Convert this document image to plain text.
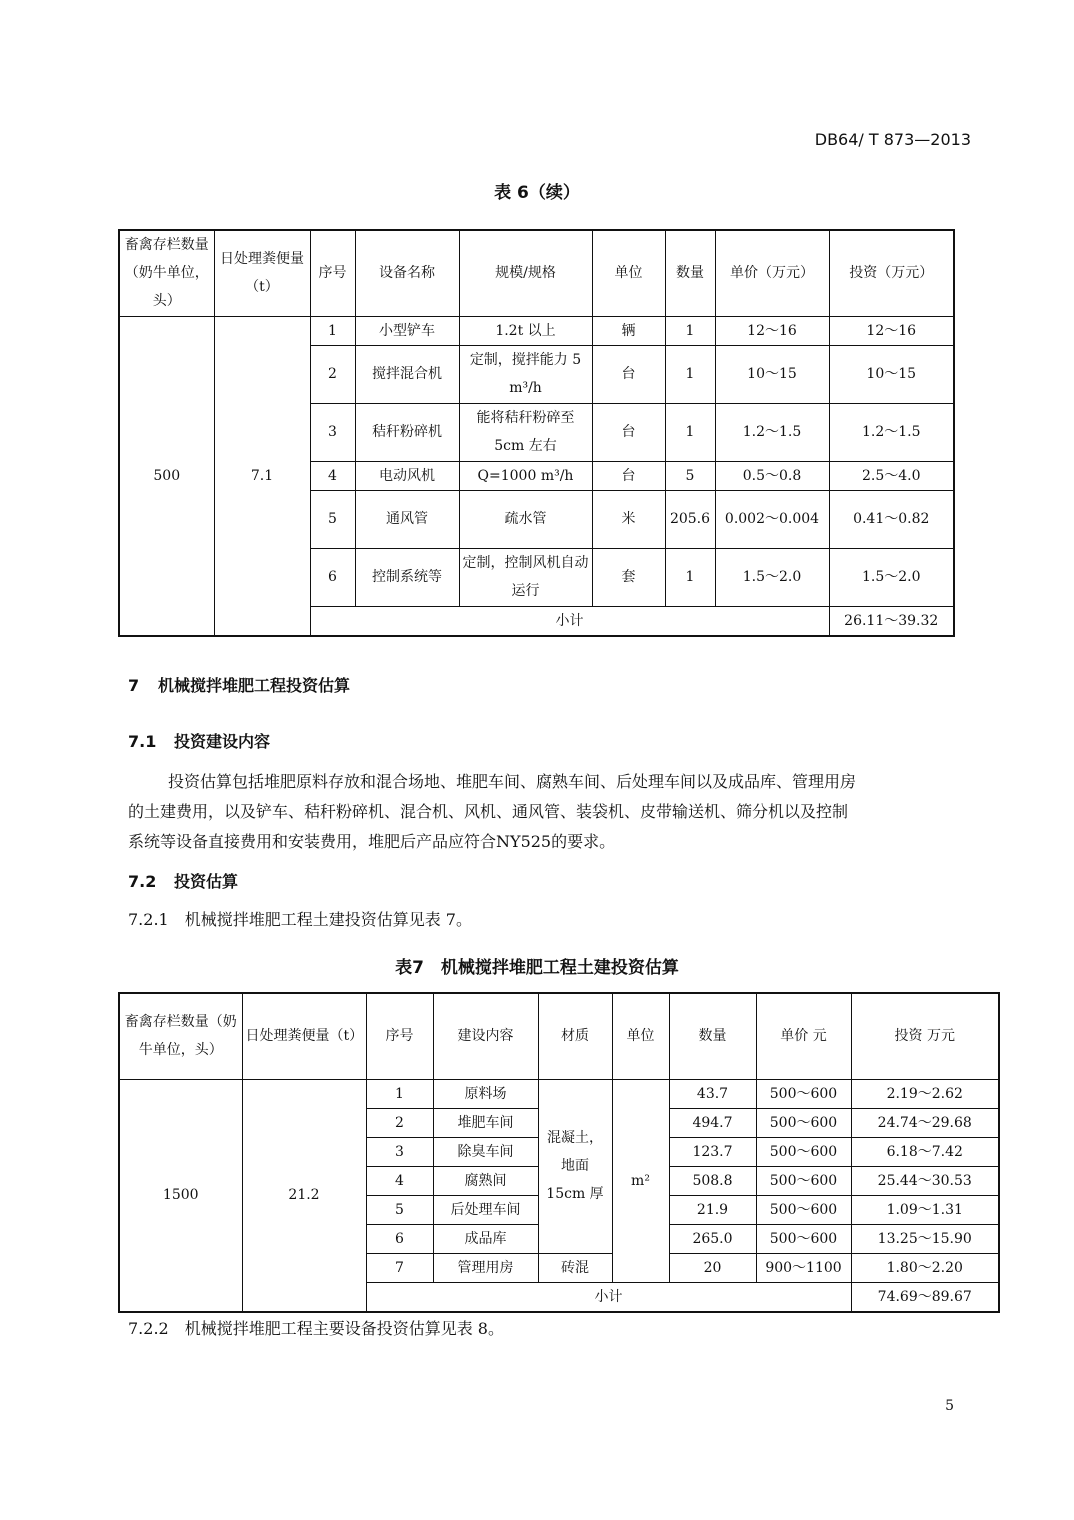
DB64/ T 873—2013
表 6（续）
畜禽存栏数量（奶牛单位，头）	日处理粪便量（t）	序号	设备名称	规模/规格	单位	数量	单价（万元）	投资（万元）
500	7.1	1	小型铲车	1.2t 以上	辆	1	12～16	12～16
		2	搅拌混合机	定制，搅拌能力 5 m³/h	台	1	10～15	10～15
		3	秸秆粉碎机	能将秸秆粉碎至 5cm 左右	台	1	1.2～1.5	1.2～1.5
		4	电动风机	Q=1000 m³/h	台	5	0.5～0.8	2.5～4.0
		5	通风管	疏水管	米	205.6	0.002～0.004	0.41～0.82
		6	控制系统等	定制，控制风机自动运行	套	1	1.5～2.0	1.5～2.0
		小计						26.11～39.32
7 机械搅拌堆肥工程投资估算
7.1 投资建设内容
投资估算包括堆肥原料存放和混合场地、堆肥车间、腐熟车间、后处理车间以及成品库、管理用房
的土建费用，以及铲车、秸秆粉碎机、混合机、风机、通风管、装袋机、皮带输送机、筛分机以及控制
系统等设备直接费用和安装费用，堆肥后产品应符合NY525的要求。
7.2 投资估算
7.2.1　机械搅拌堆肥工程土建投资估算见表 7。
表7　机械搅拌堆肥工程土建投资估算
畜禽存栏数量（奶牛单位，头）	日处理粪便量（t）	序号	建设内容	材质	单位	数量	单价 元	投资 万元
1500	21.2	1	原料场	混凝土，地面 15cm 厚	m²	43.7	500～600	2.19～2.62
		2	堆肥车间			494.7	500～600	24.74～29.68
		3	除臭车间			123.7	500～600	6.18～7.42
		4	腐熟间			508.8	500～600	25.44～30.53
		5	后处理车间			21.9	500～600	1.09～1.31
		6	成品库			265.0	500～600	13.25～15.90
		7	管理用房	砖混		20	900～1100	1.80～2.20
		小计						74.69～89.67
7.2.2　机械搅拌堆肥工程主要设备投资估算见表 8。
5
